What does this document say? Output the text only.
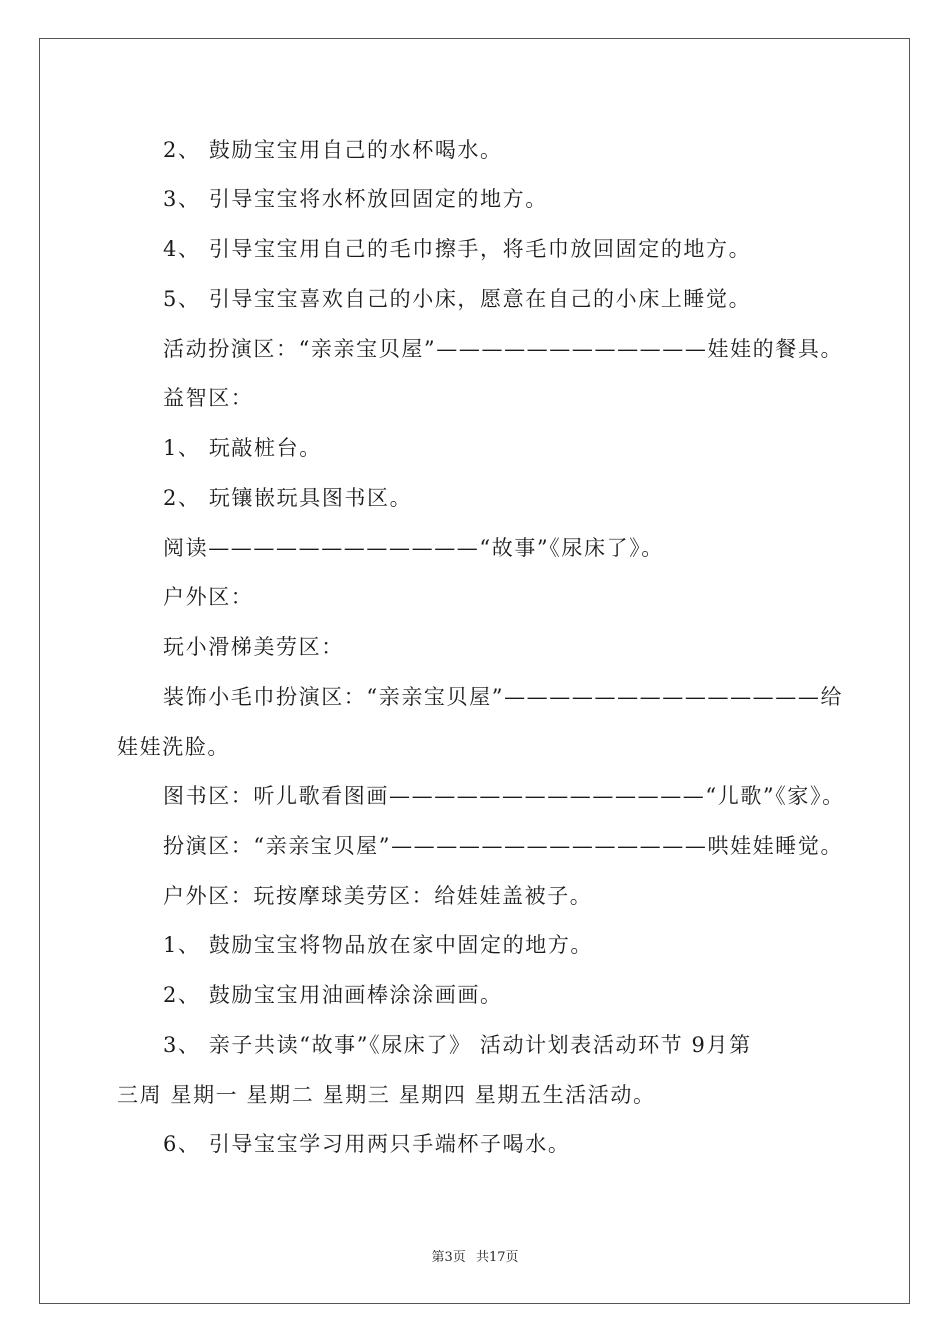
2、 鼓励宝宝用自己的水杯喝水。
3、 引导宝宝将水杯放回固定的地方。
4、 引导宝宝用自己的毛巾擦手，将毛巾放回固定的地方。
5、 引导宝宝喜欢自己的小床，愿意在自己的小床上睡觉。
活动扮演区：“亲亲宝贝屋”————————————娃娃的餐具。
益智区：
1、 玩敲桩台。
2、 玩镶嵌玩具图书区。
阅读————————————“故事”《尿床了》。
户外区：
玩小滑梯美劳区：
装饰小毛巾扮演区：“亲亲宝贝屋”——————————————给
娃娃洗脸。
图书区：听儿歌看图画——————————————“儿歌”《家》。
扮演区：“亲亲宝贝屋”——————————————哄娃娃睡觉。
户外区：玩按摩球美劳区：给娃娃盖被子。
1、 鼓励宝宝将物品放在家中固定的地方。
2、 鼓励宝宝用油画棒涂涂画画。
3、 亲子共读“故事”《尿床了》 活动计划表活动环节 9月第
三周 星期一 星期二 星期三 星期四 星期五生活活动。
6、 引导宝宝学习用两只手端杯子喝水。
第3页 共17页
